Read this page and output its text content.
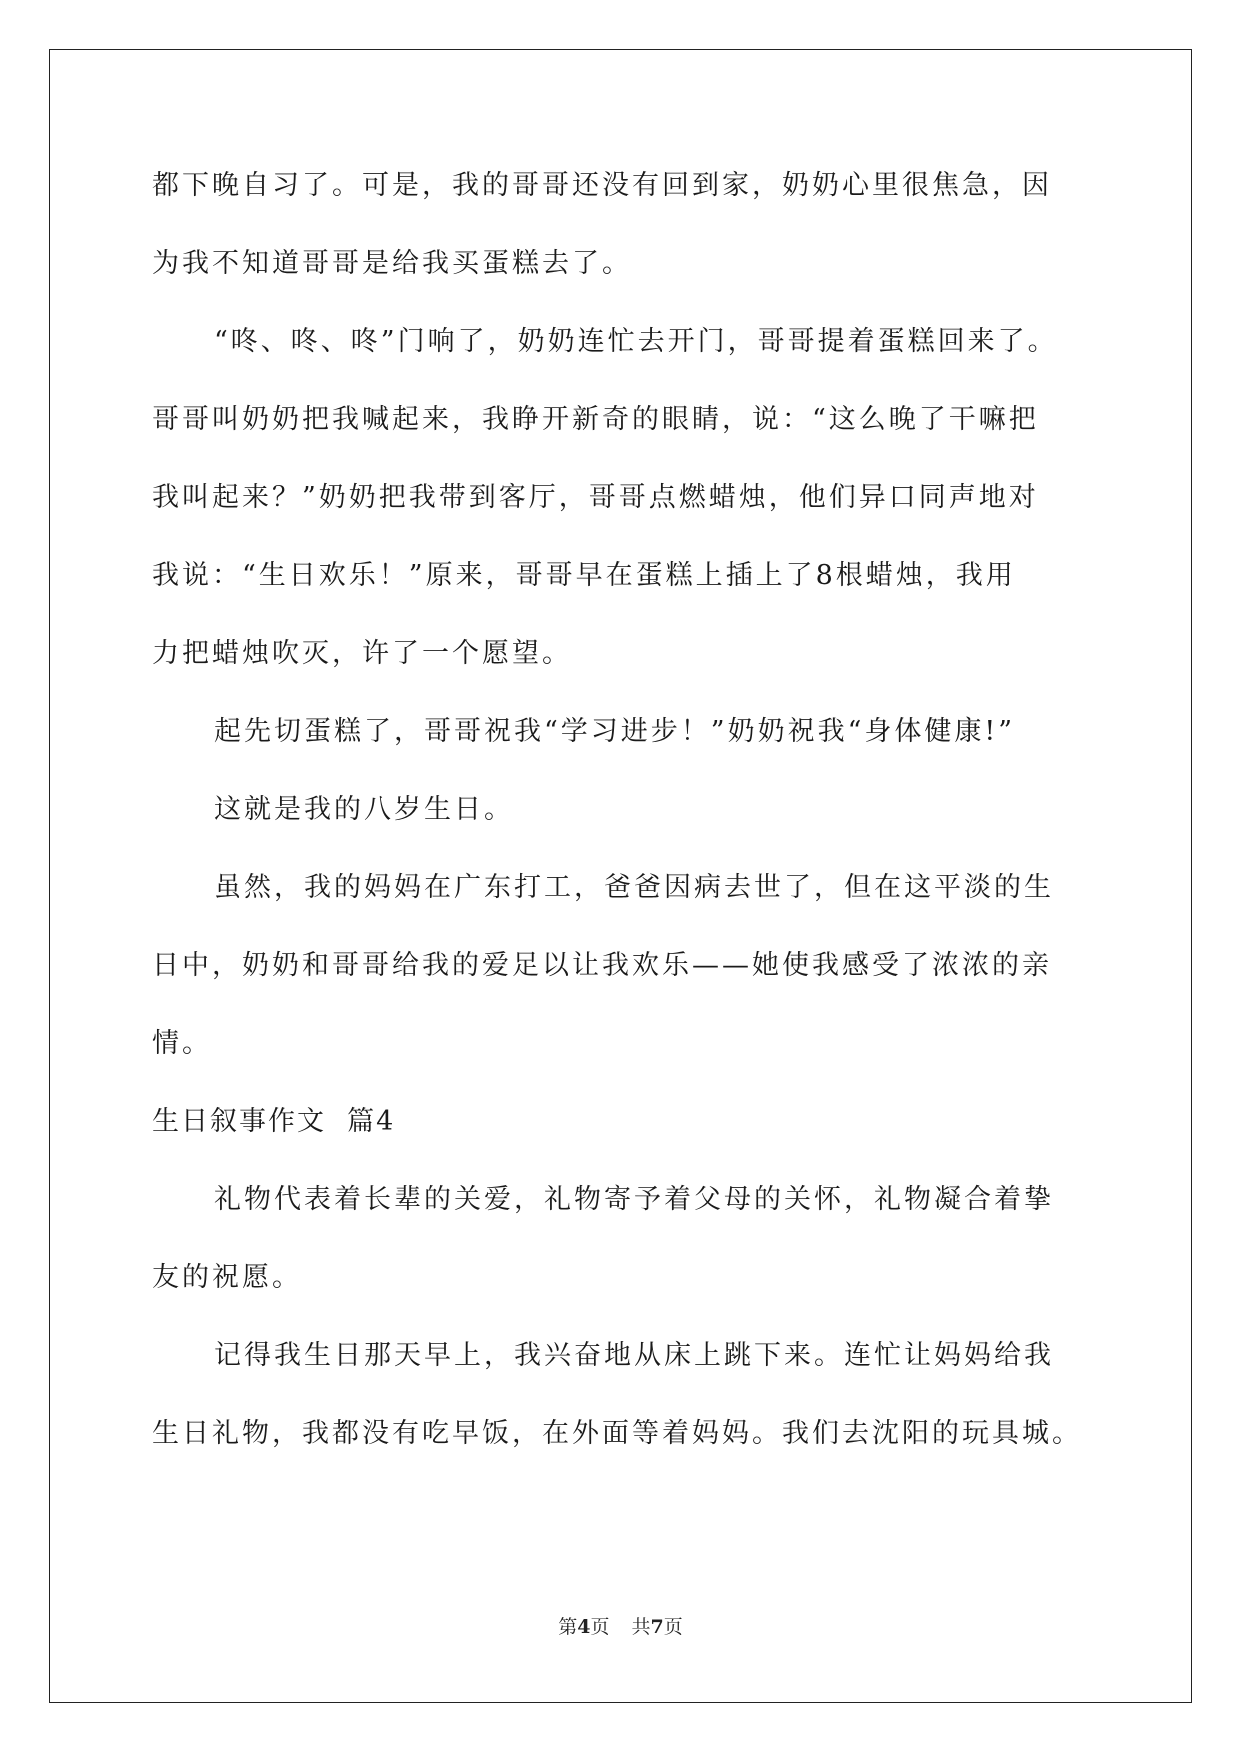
都下晚自习了。可是，我的哥哥还没有回到家，奶奶心里很焦急，因
为我不知道哥哥是给我买蛋糕去了。
“咚、咚、咚”门响了，奶奶连忙去开门，哥哥提着蛋糕回来了。
哥哥叫奶奶把我喊起来，我睁开新奇的眼睛，说：“这么晚了干嘛把
我叫起来？”奶奶把我带到客厅，哥哥点燃蜡烛，他们异口同声地对
我说：“生日欢乐！”原来，哥哥早在蛋糕上插上了8根蜡烛，我用
力把蜡烛吹灭，许了一个愿望。
起先切蛋糕了，哥哥祝我“学习进步！”奶奶祝我“身体健康!”
这就是我的八岁生日。
虽然，我的妈妈在广东打工，爸爸因病去世了，但在这平淡的生
日中，奶奶和哥哥给我的爱足以让我欢乐——她使我感受了浓浓的亲
情。
生日叙事作文  篇4
礼物代表着长辈的关爱，礼物寄予着父母的关怀，礼物凝合着挚
友的祝愿。
记得我生日那天早上，我兴奋地从床上跳下来。连忙让妈妈给我
生日礼物，我都没有吃早饭，在外面等着妈妈。我们去沈阳的玩具城。
第4页 共7页
